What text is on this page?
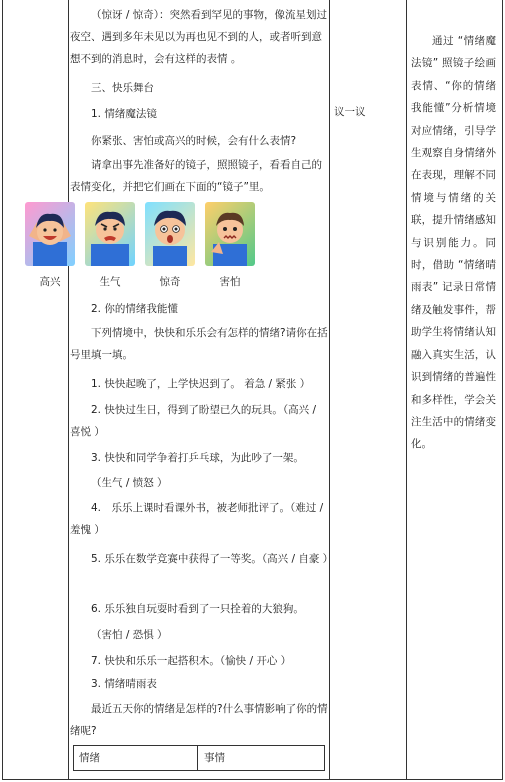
（惊讶 / 惊奇）：突然看到罕见的事物，像流星划过夜空、遇到多年未见以为再也见不到的人，或者听到意想不到的消息时，会有这样的表情 。

三、快乐舞台

1. 情绪魔法镜

你紧张、害怕或高兴的时候，会有什么表情?

请拿出事先准备好的镜子，照照镜子，看看自己的表情变化，并把它们画在下面的“镜子”里。

2. 你的情绪我能懂

下列情境中，快快和乐乐会有怎样的情绪?请你在括号里填一填。

1. 快快起晚了，上学快迟到了。 着急 / 紧张 ）

2. 快快过生日，得到了盼望已久的玩具。（高兴 / 喜悦 ）

3. 快快和同学争着打乒乓球，为此吵了一架。

（生气 / 愤怒 ）

4.　乐乐上课时看课外书，被老师批评了。（难过 / 羞愧 ）

5. 乐乐在数学竞赛中获得了一等奖。（高兴 / 自豪 ）

6. 乐乐独自玩耍时看到了一只拴着的大狼狗。

（害怕 / 恐惧 ）

7. 快快和乐乐一起搭积木。（愉快 / 开心 ）

3. 情绪晴雨表

最近五天你的情绪是怎样的?什么事情影响了你的情绪呢?

高兴	生气	惊奇	害怕
情绪	事情
议一议

通过 “情绪魔法镜” 照镜子绘画表情、“你的情绪我能懂”分析情境对应情绪，引导学生观察自身情绪外在表现，理解不同情境与情绪的关联，提升情绪感知与识别能力。同时，借助 “情绪晴雨表” 记录日常情绪及触发事件，帮助学生将情绪认知融入真实生活，认识到情绪的普遍性和多样性，学会关注生活中的情绪变化。
